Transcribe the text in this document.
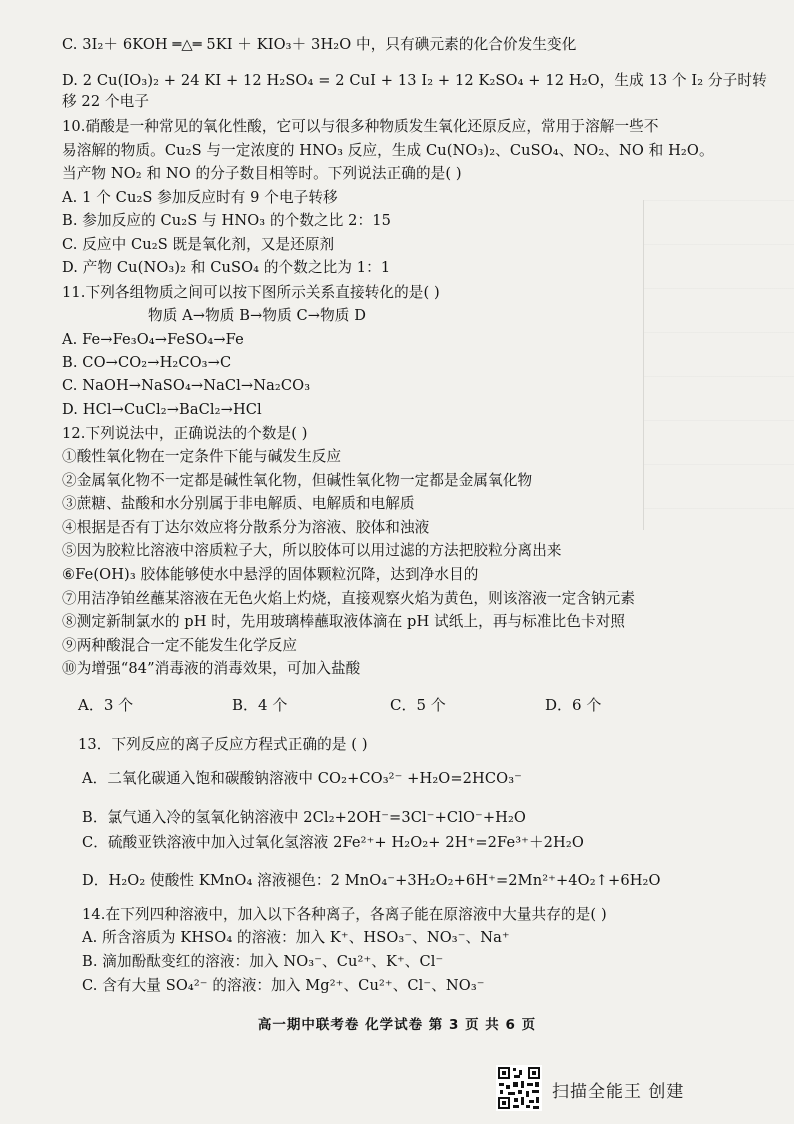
C. 3I₂＋ 6KOH ═△═ 5KI ＋ KIO₃＋ 3H₂O 中，只有碘元素的化合价发生变化
D. 2 Cu(IO₃)₂ + 24 KI + 12 H₂SO₄ = 2 CuI + 13 I₂ + 12 K₂SO₄ + 12 H₂O，生成 13 个 I₂ 分子时转
移 22 个电子
10.硝酸是一种常见的氧化性酸，它可以与很多种物质发生氧化还原反应，常用于溶解一些不
易溶解的物质。Cu₂S 与一定浓度的 HNO₃ 反应，生成 Cu(NO₃)₂、CuSO₄、NO₂、NO 和 H₂O。
当产物 NO₂ 和 NO 的分子数目相等时。下列说法正确的是( )
A. 1 个 Cu₂S 参加反应时有 9 个电子转移
B. 参加反应的 Cu₂S 与 HNO₃ 的个数之比 2：15
C. 反应中 Cu₂S 既是氧化剂，又是还原剂
D. 产物 Cu(NO₃)₂ 和 CuSO₄ 的个数之比为 1：1
11.下列各组物质之间可以按下图所示关系直接转化的是( )
物质 A→物质 B→物质 C→物质 D
A. Fe→Fe₃O₄→FeSO₄→Fe
B. CO→CO₂→H₂CO₃→C
C. NaOH→NaSO₄→NaCl→Na₂CO₃
D. HCl→CuCl₂→BaCl₂→HCl
12.下列说法中，正确说法的个数是( )
①酸性氧化物在一定条件下能与碱发生反应
②金属氧化物不一定都是碱性氧化物，但碱性氧化物一定都是金属氧化物
③蔗糖、盐酸和水分别属于非电解质、电解质和电解质
④根据是否有丁达尔效应将分散系分为溶液、胶体和浊液
⑤因为胶粒比溶液中溶质粒子大，所以胶体可以用过滤的方法把胶粒分离出来
⑥Fe(OH)₃ 胶体能够使水中悬浮的固体颗粒沉降，达到净水目的
⑦用洁净铂丝蘸某溶液在无色火焰上灼烧，直接观察火焰为黄色，则该溶液一定含钠元素
⑧测定新制氯水的 pH 时，先用玻璃棒蘸取液体滴在 pH 试纸上，再与标准比色卡对照
⑨两种酸混合一定不能发生化学反应
⑩为增强“84”消毒液的消毒效果，可加入盐酸
A．3 个	B．4 个	C．5 个	D．6 个
13．下列反应的离子反应方程式正确的是 ( )
A．二氧化碳通入饱和碳酸钠溶液中 CO₂+CO₃²⁻ +H₂O=2HCO₃⁻
B．氯气通入冷的氢氧化钠溶液中 2Cl₂+2OH⁻=3Cl⁻+ClO⁻+H₂O
C．硫酸亚铁溶液中加入过氧化氢溶液 2Fe²⁺+ H₂O₂+ 2H⁺=2Fe³⁺＋2H₂O
D．H₂O₂ 使酸性 KMnO₄ 溶液褪色：2 MnO₄⁻+3H₂O₂+6H⁺=2Mn²⁺+4O₂↑+6H₂O
14.在下列四种溶液中，加入以下各种离子，各离子能在原溶液中大量共存的是( )
A. 所含溶质为 KHSO₄ 的溶液：加入 K⁺、HSO₃⁻、NO₃⁻、Na⁺
B. 滴加酚酞变红的溶液：加入 NO₃⁻、Cu²⁺、K⁺、Cl⁻
C. 含有大量 SO₄²⁻ 的溶液：加入 Mg²⁺、Cu²⁺、Cl⁻、NO₃⁻
高一期中联考卷 化学试卷 第 3 页 共 6 页
扫描全能王 创建
